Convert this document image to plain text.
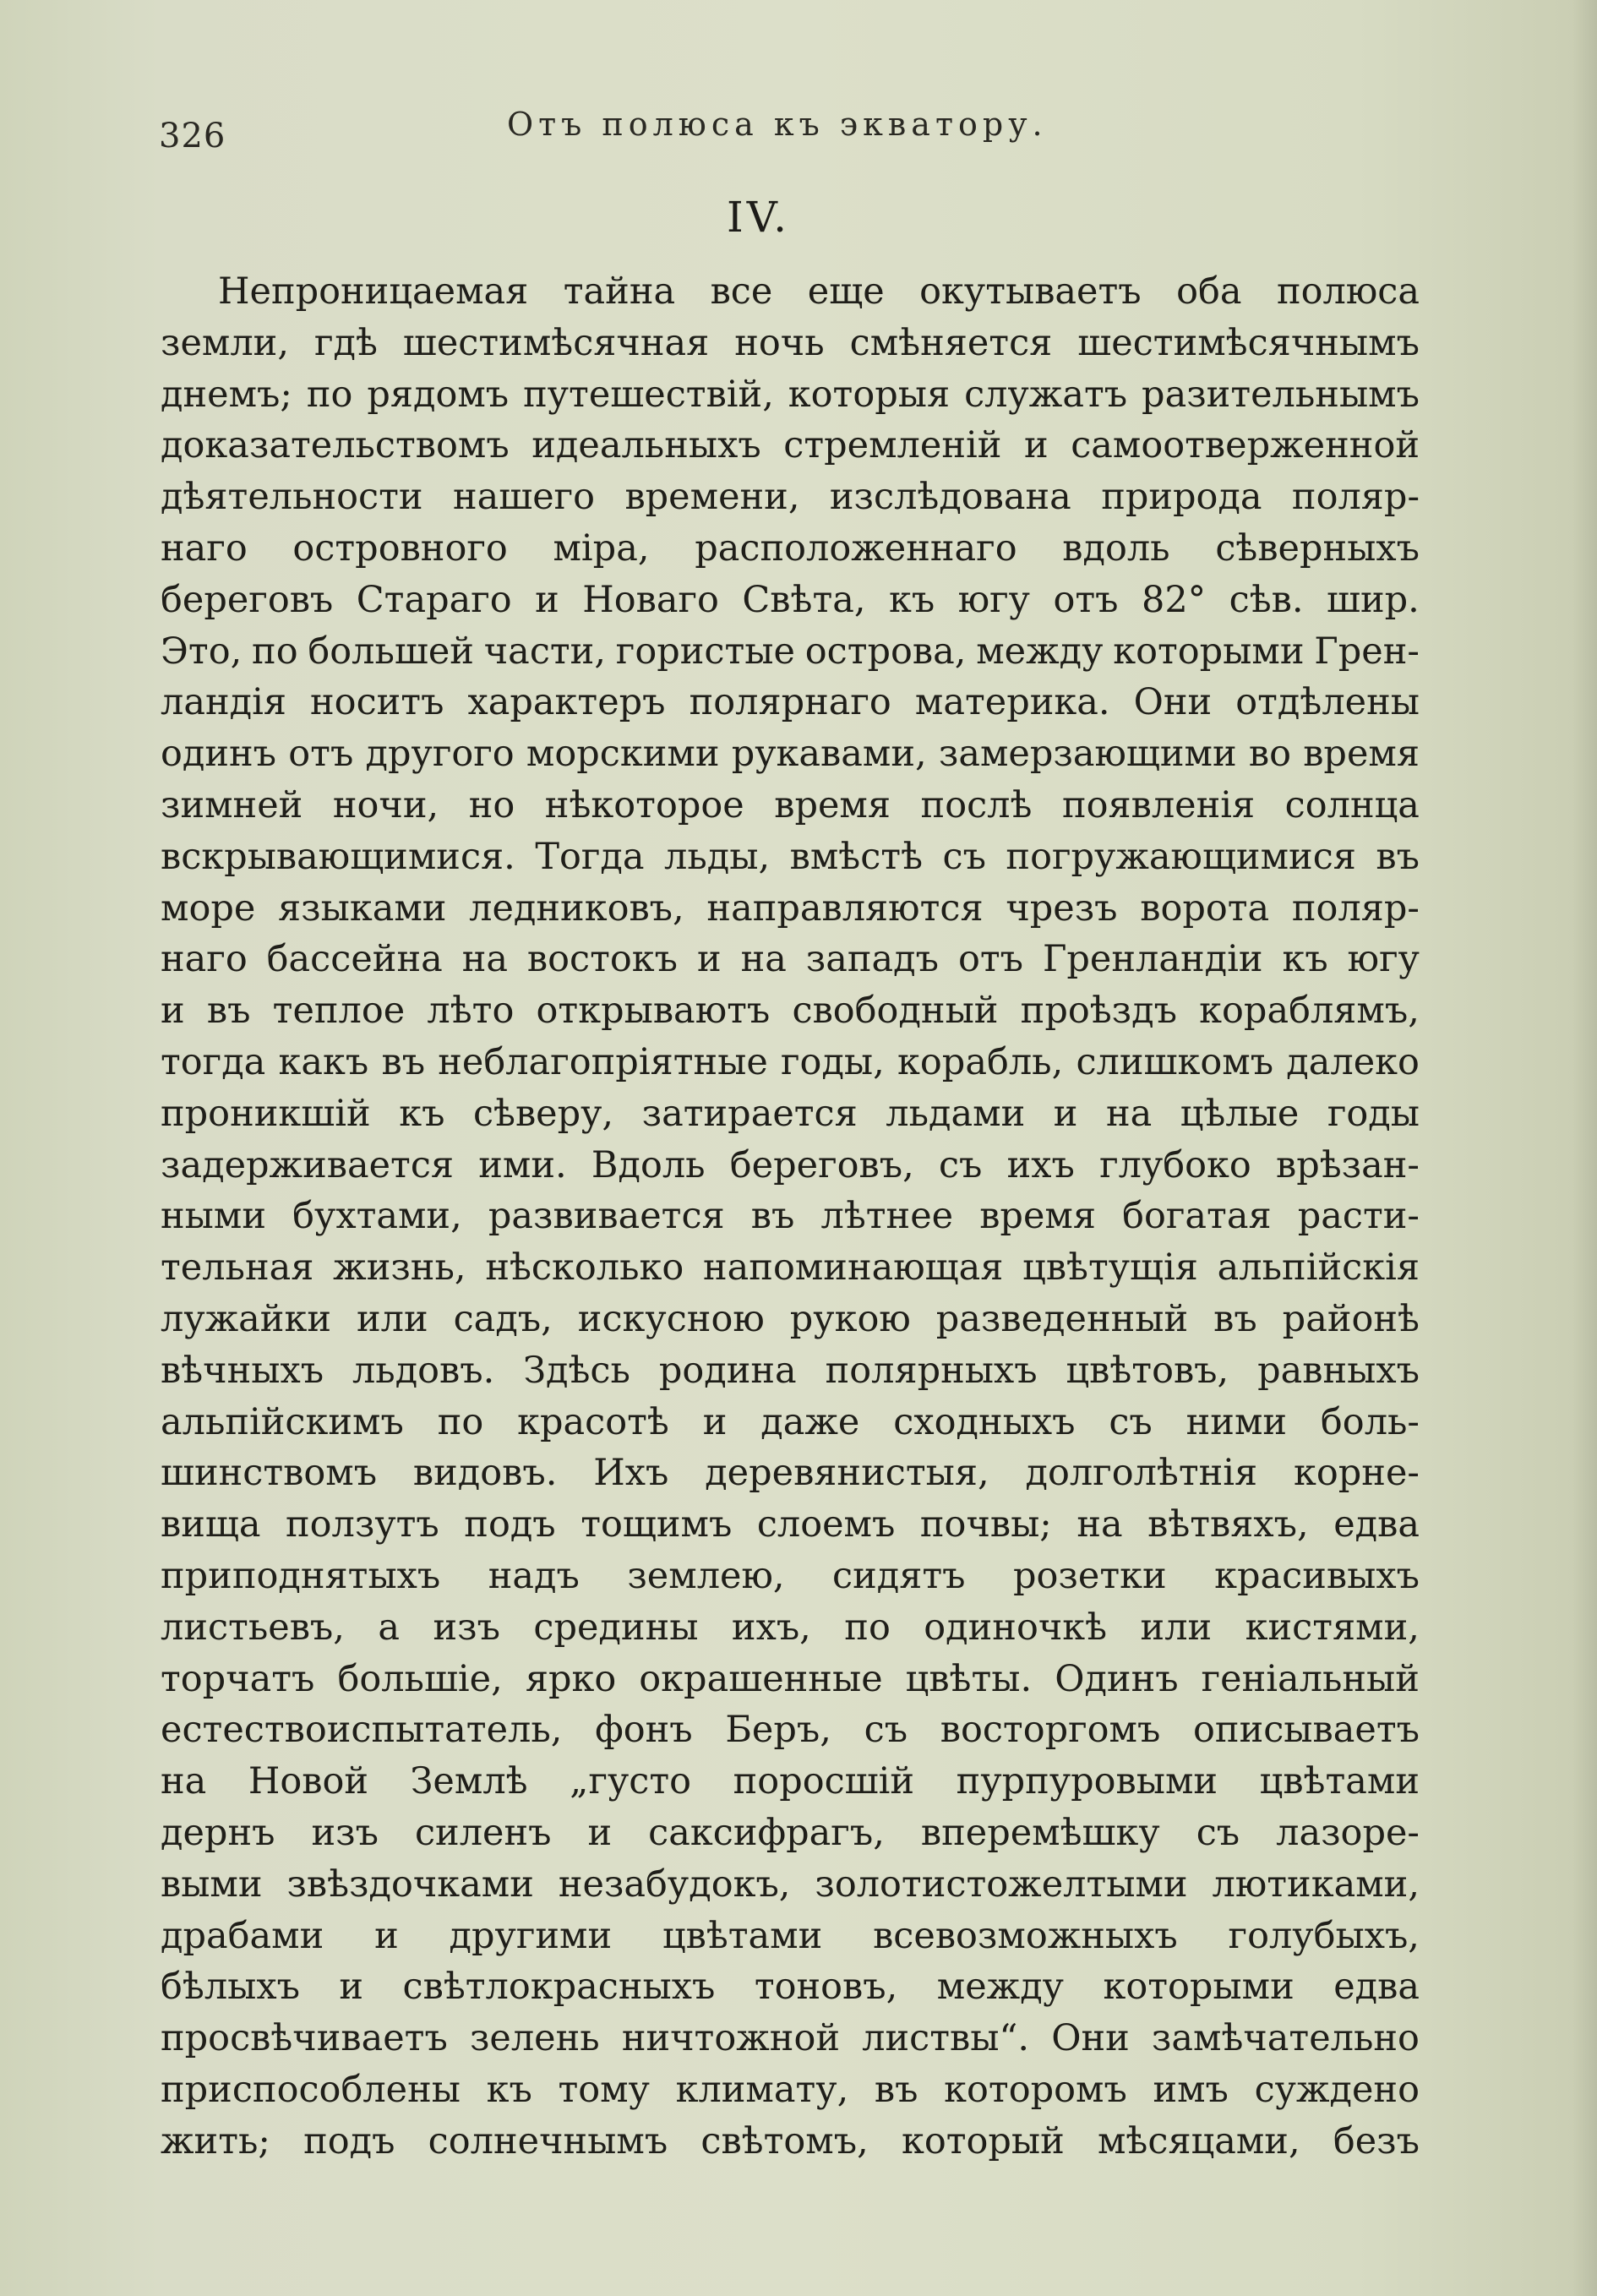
326	Отъ полюса къ экватору.
IV.
Непроницаемая тайна все еще окутываетъ оба полюса
земли, гдѣ шестимѣсячная ночь смѣняется шестимѣсячнымъ
днемъ; по рядомъ путешествій, которыя служатъ разительнымъ
доказательствомъ идеальныхъ стремленій и самоотверженной
дѣятельности нашего времени, изслѣдована природа поляр-
наго островного міра, расположеннаго вдоль сѣверныхъ
береговъ Стараго и Новаго Свѣта, къ югу отъ 82° сѣв. шир.
Это, по большей части, гористые острова, между которыми Грен-
ландія носитъ характеръ полярнаго материка. Они отдѣлены
одинъ отъ другого морскими рукавами, замерзающими во время
зимней ночи, но нѣкоторое время послѣ появленія солнца
вскрывающимися. Тогда льды, вмѣстѣ съ погружающимися въ
море языками ледниковъ, направляются чрезъ ворота поляр-
наго бассейна на востокъ и на западъ отъ Гренландіи къ югу
и въ теплое лѣто открываютъ свободный проѣздъ кораблямъ,
тогда какъ въ неблагопріятные годы, корабль, слишкомъ далеко
проникшій къ сѣверу, затирается льдами и на цѣлые годы
задерживается ими. Вдоль береговъ, съ ихъ глубоко врѣзан-
ными бухтами, развивается въ лѣтнее время богатая расти-
тельная жизнь, нѣсколько напоминающая цвѣтущія альпійскія
лужайки или садъ, искусною рукою разведенный въ районѣ
вѣчныхъ льдовъ. Здѣсь родина полярныхъ цвѣтовъ, равныхъ
альпійскимъ по красотѣ и даже сходныхъ съ ними боль-
шинствомъ видовъ. Ихъ деревянистыя, долголѣтнія корне-
вища ползутъ подъ тощимъ слоемъ почвы; на вѣтвяхъ, едва
приподнятыхъ надъ землею, сидятъ розетки красивыхъ
листьевъ, а изъ средины ихъ, по одиночкѣ или кистями,
торчатъ большіе, ярко окрашенные цвѣты. Одинъ геніальный
естествоиспытатель, фонъ Беръ, съ восторгомъ описываетъ
на Новой Землѣ „густо поросшій пурпуровыми цвѣтами
дернъ изъ силенъ и саксифрагъ, вперемѣшку съ лазоре-
выми звѣздочками незабудокъ, золотистожелтыми лютиками,
драбами и другими цвѣтами всевозможныхъ голубыхъ,
бѣлыхъ и свѣтлокрасныхъ тоновъ, между которыми едва
просвѣчиваетъ зелень ничтожной листвы“. Они замѣчательно
приспособлены къ тому климату, въ которомъ имъ суждено
жить; подъ солнечнымъ свѣтомъ, который мѣсяцами, безъ
